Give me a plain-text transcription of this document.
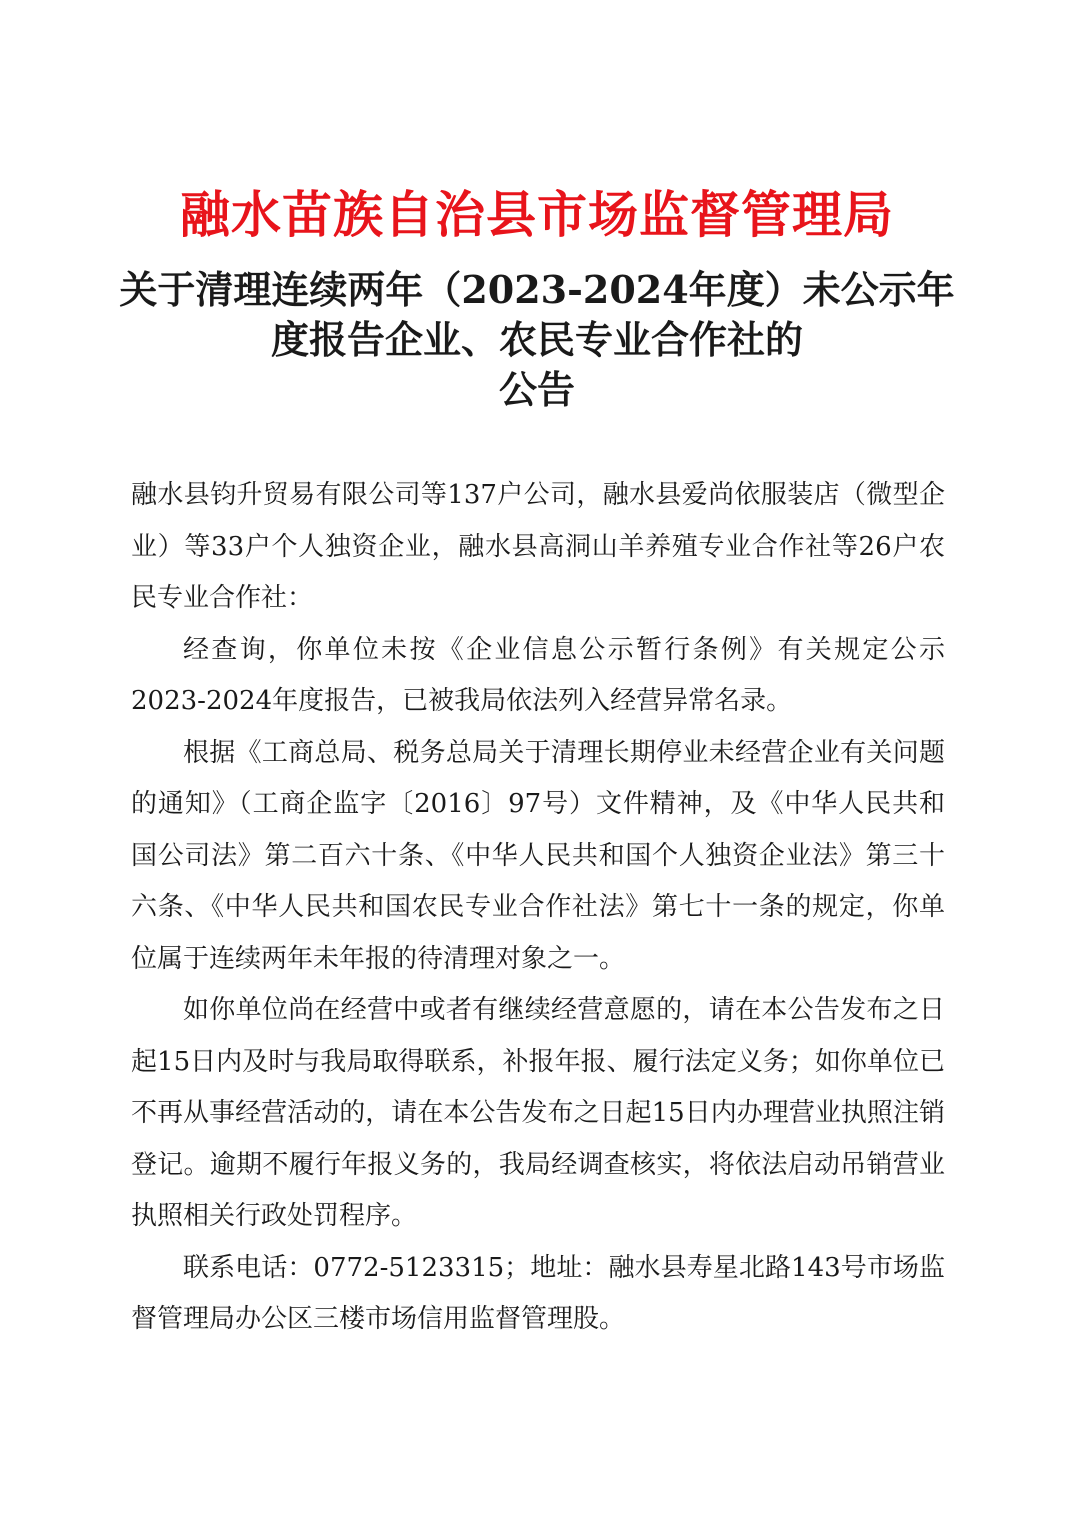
融水苗族自治县市场监督管理局
关于清理连续两年（2023-2024年度）未公示年
度报告企业、农民专业合作社的
公告

融水县钧升贸易有限公司等137户公司，融水县爱尚依服装店（微型企业）等33户个人独资企业，融水县高洞山羊养殖专业合作社等26户农民专业合作社：

经查询，你单位未按《企业信息公示暂行条例》有关规定公示2023-2024年度报告，已被我局依法列入经营异常名录。

根据《工商总局、税务总局关于清理长期停业未经营企业有关问题的通知》（工商企监字〔2016〕97号）文件精神，及《中华人民共和国公司法》第二百六十条、《中华人民共和国个人独资企业法》第三十六条、《中华人民共和国农民专业合作社法》第七十一条的规定，你单位属于连续两年未年报的待清理对象之一。

如你单位尚在经营中或者有继续经营意愿的，请在本公告发布之日起15日内及时与我局取得联系，补报年报、履行法定义务；如你单位已不再从事经营活动的，请在本公告发布之日起15日内办理营业执照注销登记。逾期不履行年报义务的，我局经调查核实，将依法启动吊销营业执照相关行政处罚程序。

联系电话：0772-5123315；地址：融水县寿星北路143号市场监督管理局办公区三楼市场信用监督管理股。
